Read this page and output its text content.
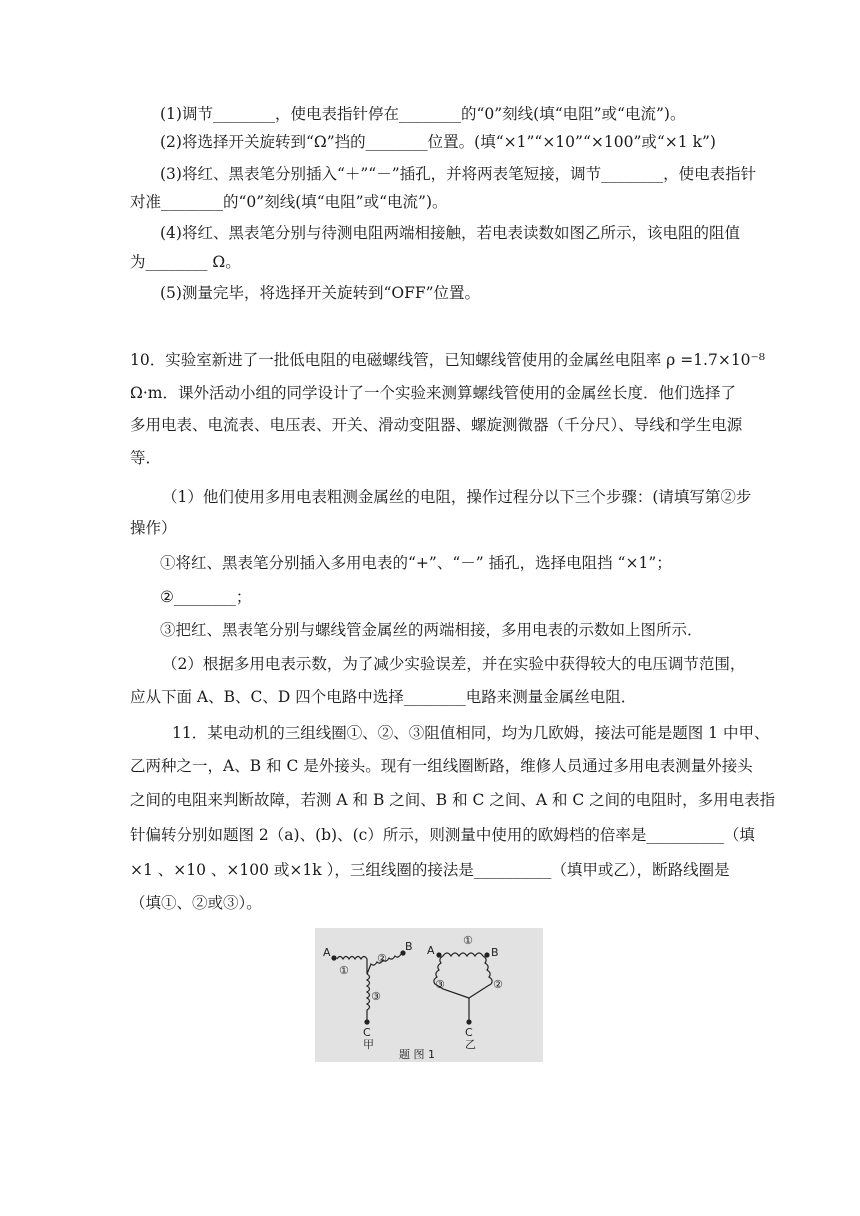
(1)调节________，使电表指针停在________的“0”刻线(填“电阻”或“电流”)。
(2)将选择开关旋转到“Ω”挡的________位置。(填“×1”“×10”“×100”或“×1 k”)
(3)将红、黑表笔分别插入“＋”“－”插孔，并将两表笔短接，调节________，使电表指针
对准________的“0”刻线(填“电阻”或“电流”)。
(4)将红、黑表笔分别与待测电阻两端相接触，若电表读数如图乙所示，该电阻的阻值
为________ Ω。
(5)测量完毕，将选择开关旋转到“OFF”位置。
10．实验室新进了一批低电阻的电磁螺线管，已知螺线管使用的金属丝电阻率 ρ =1.7×10⁻⁸
Ω·m．课外活动小组的同学设计了一个实验来测算螺线管使用的金属丝长度．他们选择了
多用电表、电流表、电压表、开关、滑动变阻器、螺旋测微器（千分尺）、导线和学生电源
等．
（1）他们使用多用电表粗测金属丝的电阻，操作过程分以下三个步骤：(请填写第②步
操作）
①将红、黑表笔分别插入多用电表的“+”、“－” 插孔，选择电阻挡 “×1”；
②________；
③把红、黑表笔分别与螺线管金属丝的两端相接，多用电表的示数如上图所示．
（2）根据多用电表示数，为了减少实验误差，并在实验中获得较大的电压调节范围，
应从下面 A、B、C、D 四个电路中选择________电路来测量金属丝电阻．
11．某电动机的三组线圈①、②、③阻值相同，均为几欧姆，接法可能是题图 1 中甲、
乙两种之一，A、B 和 C 是外接头。现有一组线圈断路，维修人员通过多用电表测量外接头
之间的电阻来判断故障，若测 A 和 B 之间、B 和 C 之间、A 和 C 之间的电阻时，多用电表指
针偏转分别如题图 2（a)、(b)、(c）所示，则测量中使用的欧姆档的倍率是__________（填
×1 、×10 、×100 或×1k ），三组线圈的接法是__________（填甲或乙），断路线圈是
（填①、②或③）。
A	B
C
①
②
③
甲
A	B
C
①
②
③
乙
题 图 1
